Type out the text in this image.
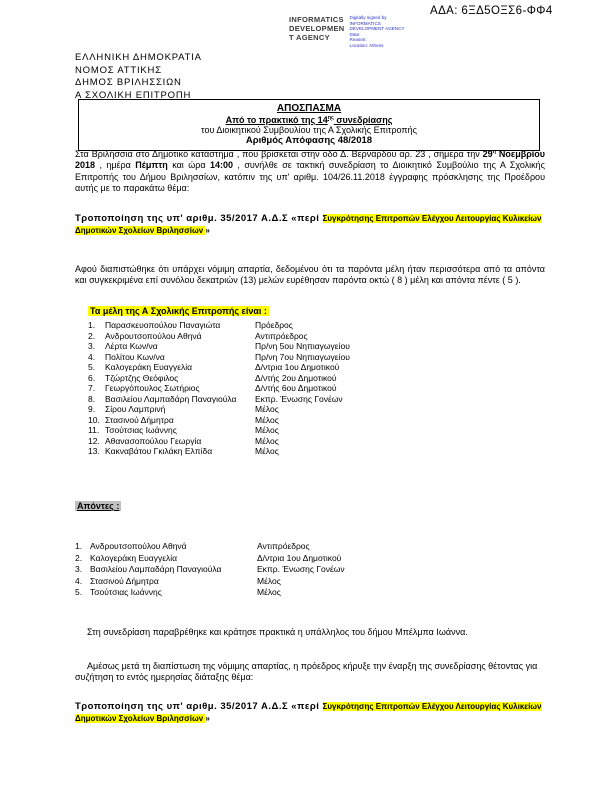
ΑΔΑ: 6ΞΔ5ΟΞΣ6-ΦΦ4
INFORMATICS
DEVELOPMEN
T AGENCY
Digitally signed by
INFORMATICS
DEVELOPMENT AGENCY
Date:
Reason:
Location: Athens
ΕΛΛΗΝΙΚΗ ΔΗΜΟΚΡΑΤΙΑ
ΝΟΜΟΣ ΑΤΤΙΚΗΣ
ΔΗΜΟΣ ΒΡΙΛΗΣΣΙΩΝ
Α ΣΧΟΛΙΚΗ ΕΠΙΤΡΟΠΗ
ΑΠΟΣΠΑΣΜΑ
Από το πρακτικό της $14^{\eta\varsigma}$ συνεδρίασης
του Διοικητικού Συμβουλίου της Α Σχολικής Επιτροπής
Αριθμός Απόφασης 48/2018
Στα Βριλήσσια στο Δημοτικό κατάστημα , που βρίσκεται στην οδό Δ. Βερνάρδου αρ. 23 , σήμερα την $29^\eta$ Νοεμβρίου 2018 , ημέρα Πέμπτη και ώρα 14:00 , συνήλθε σε τακτική συνεδρίαση το Διοικητικό Συμβούλιο της Α Σχολικής Επιτροπής του Δήμου Βριλησσίων, κατόπιν της υπ' αριθμ. 104/26.11.2018 έγγραφης πρόσκλησης της Προέδρου αυτής με το παρακάτω θέμα:
Τροποποίηση της υπ' αριθμ. 35/2017 Α.Δ.Σ «περί Συγκρότησης Επιτροπών Ελέγχου Λειτουργίας Κυλικείων Δημοτικών Σχολείων Βριλησσίων »
Αφού διαπιστώθηκε ότι υπάρχει νόμιμη απαρτία, δεδομένου ότι τα παρόντα μέλη ήταν περισσότερα από τα απόντα και συγκεκριμένα επί συνόλου δεκατριών (13) μελών ευρέθησαν παρόντα οκτώ ( 8 ) μέλη και απόντα πέντε ( 5 ).
Τα μέλη της Α Σχολικής Επιτροπής είναι :
1.	Παρασκευοπούλου Παναγιώτα	Πρόεδρος
2.	Ανδρουτσοπούλου Αθηνά	Αντιπρόεδρος
3.	Λέρτα Κων/να	Πρ/νη 5ου Νηπιαγωγείου
4.	Πολίτου Κων/να	Πρ/νη 7ου Νηπιαγωγείου
5.	Καλογεράκη Ευαγγελία	Δ/ντρια 1ου Δημοτικού
6.	Τζώρτζης Θεόφιλος	Δ/ντής 2ου Δημοτικού
7.	Γεωργόπουλος Σωτήριος	Δ/ντής 6ου Δημοτικού
8.	Βασιλείου Λαμπαδάρη Παναγιούλα	Εκπρ. Ένωσης Γονέων
9.	Σίρου Λαμπρινή	Μέλος
10. Στασινού Δήμητρα	Μέλος
11. Τσούτσιας Ιωάννης	Μέλος
12. Αθανασοπούλου Γεωργία	Μέλος
13. Κακναβάτου Γκιλάκη Ελπίδα	Μέλος
Απόντες :
1. Ανδρουτσοπούλου Αθηνά	Αντιπρόεδρος
2. Καλογεράκη Ευαγγελία	Δ/ντρια 1ου Δημοτικού
3. Βασιλείου Λαμπαδάρη Παναγιούλα	Εκπρ. Ένωσης Γονέων
4. Στασινού Δήμητρα	Μέλος
5. Τσούτσιας Ιωάννης	Μέλος
Στη συνεδρίαση παραβρέθηκε και κράτησε πρακτικά η υπάλληλος του δήμου Μπέλμπα Ιωάννα.
Αμέσως μετά τη διαπίστωση της νόμιμης απαρτίας, η πρόεδρος κήρυξε την έναρξη της συνεδρίασης θέτοντας για συζήτηση το εντός ημερησίας διάταξης θέμα:
Τροποποίηση της υπ' αριθμ. 35/2017 Α.Δ.Σ «περί Συγκρότησης Επιτροπών Ελέγχου Λειτουργίας Κυλικείων Δημοτικών Σχολείων Βριλησσίων »
